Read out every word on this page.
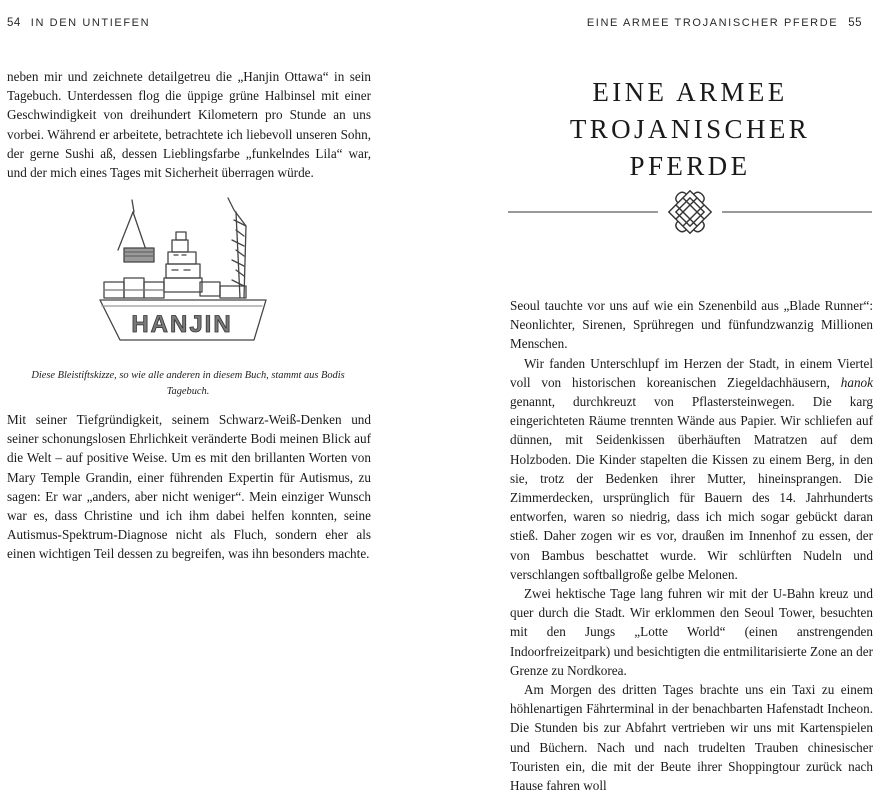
54 IN DEN UNTIEFEN

neben mir und zeichnete detailgetreu die „Hanjin Ottawa“ in sein Tagebuch. Unterdessen flog die üppige grüne Halbinsel mit einer Geschwindigkeit von dreihundert Kilometern pro Stunde an uns vorbei. Während er arbeitete, betrachtete ich liebevoll unseren Sohn, der gerne Sushi aß, dessen Lieblingsfarbe „funkelndes Lila“ war, und der mich eines Tages mit Sicherheit überragen würde.

HANJIN
Diese Bleistiftskizze, so wie alle anderen in diesem Buch, stammt aus Bodis Tagebuch.

Mit seiner Tiefgründigkeit, seinem Schwarz-Weiß-Denken und seiner schonungslosen Ehrlichkeit veränderte Bodi meinen Blick auf die Welt – auf positive Weise. Um es mit den brillanten Worten von Mary Temple Grandin, einer führenden Expertin für Autismus, zu sagen: Er war „anders, aber nicht weniger“. Mein einziger Wunsch war es, dass Christine und ich ihm dabei helfen konnten, seine Autismus-Spektrum-Diagnose nicht als Fluch, sondern eher als einen wichtigen Teil dessen zu begreifen, was ihn besonders machte.

EINE ARMEE TROJANISCHER PFERDE 55
EINE ARMEE
TROJANISCHER PFERDE

Seoul tauchte vor uns auf wie ein Szenenbild aus „Blade Runner“: Neonlichter, Sirenen, Sprühregen und fünfundzwanzig Millionen Menschen.

Wir fanden Unterschlupf im Herzen der Stadt, in einem Viertel voll von historischen koreanischen Ziegeldachhäusern, hanok genannt, durchkreuzt von Pflastersteinwegen. Die karg eingerichteten Räume trennten Wände aus Papier. Wir schliefen auf dünnen, mit Seidenkissen überhäuften Matratzen auf dem Holzboden. Die Kinder stapelten die Kissen zu einem Berg, in den sie, trotz der Bedenken ihrer Mutter, hineinsprangen. Die Zimmerdecken, ursprünglich für Bauern des 14. Jahrhunderts entworfen, waren so niedrig, dass ich mich sogar gebückt daran stieß. Daher zogen wir es vor, draußen im Innenhof zu essen, der von Bambus beschattet wurde. Wir schlürften Nudeln und verschlangen softballgroße gelbe Melonen.

Zwei hektische Tage lang fuhren wir mit der U-Bahn kreuz und quer durch die Stadt. Wir erklommen den Seoul Tower, besuchten mit den Jungs „Lotte World“ (einen anstrengenden Indoorfreizeitpark) und besichtigten die entmilitarisierte Zone an der Grenze zu Nordkorea.

Am Morgen des dritten Tages brachte uns ein Taxi zu einem höhlenartigen Fährterminal in der benachbarten Hafenstadt Incheon. Die Stunden bis zur Abfahrt vertrieben wir uns mit Kartenspielen und Büchern. Nach und nach trudelten Trauben chinesischer Touristen ein, die mit der Beute ihrer Shoppingtour zurück nach Hause fahren woll
